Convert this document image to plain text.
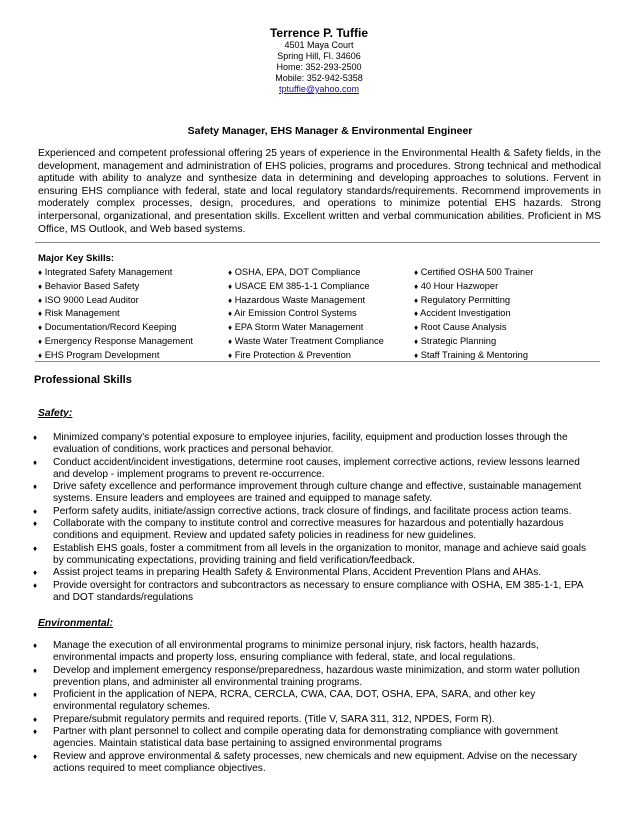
Terrence P. Tuffie
4501 Maya Court
Spring Hill, Fl. 34606
Home: 352-293-2500
Mobile: 352-942-5358
tptuffie@yahoo.com
Safety Manager, EHS Manager & Environmental Engineer
Experienced and competent professional offering 25 years of experience in the Environmental Health & Safety fields, in the development, management and administration of EHS policies, programs and procedures. Strong technical and methodical aptitude with ability to analyze and synthesize data in determining and developing approaches to solutions. Fervent in ensuring EHS compliance with federal, state and local regulatory standards/requirements. Recommend improvements in moderately complex processes, design, procedures, and operations to minimize potential EHS hazards. Strong interpersonal, organizational, and presentation skills. Excellent written and verbal communication abilities. Proficient in MS Office, MS Outlook, and Web based systems.
Major Key Skills:
♦ Integrated Safety Management
♦ Behavior Based Safety
♦ ISO 9000 Lead Auditor
♦ Risk Management
♦ Documentation/Record Keeping
♦ Emergency Response Management
♦ EHS Program Development
♦ OSHA, EPA, DOT Compliance
♦ USACE EM 385-1-1 Compliance
♦ Hazardous Waste Management
♦ Air Emission Control Systems
♦ EPA Storm Water Management
♦ Waste Water Treatment Compliance
♦ Fire Protection & Prevention
♦ Certified OSHA 500 Trainer
♦ 40 Hour Hazwoper
♦ Regulatory Permitting
♦ Accident Investigation
♦ Root Cause Analysis
♦ Strategic Planning
♦ Staff Training & Mentoring
Professional Skills
Safety:
♦ Minimized company's potential exposure to employee injuries, facility, equipment and production losses through the evaluation of conditions, work practices and personal behavior.
♦ Conduct accident/incident investigations, determine root causes, implement corrective actions, review lessons learned and develop - implement programs to prevent re-occurrence.
♦ Drive safety excellence and performance improvement through culture change and effective, sustainable management systems. Ensure leaders and employees are trained and equipped to manage safety.
♦ Perform safety audits, initiate/assign corrective actions, track closure of findings, and facilitate process action teams.
♦ Collaborate with the company to institute control and corrective measures for hazardous and potentially hazardous conditions and equipment. Review and updated safety policies in readiness for new guidelines.
♦ Establish EHS goals, foster a commitment from all levels in the organization to monitor, manage and achieve said goals by communicating expectations, providing training and field verification/feedback.
♦ Assist project teams in preparing Health Safety & Environmental Plans, Accident Prevention Plans and AHAs.
♦ Provide oversight for contractors and subcontractors as necessary to ensure compliance with OSHA, EM 385-1-1, EPA and DOT standards/regulations
Environmental:
♦ Manage the execution of all environmental programs to minimize personal injury, risk factors, health hazards, environmental impacts and property loss, ensuring compliance with federal, state, and local regulations.
♦ Develop and implement emergency response/preparedness, hazardous waste minimization, and storm water pollution prevention plans, and administer all environmental training programs.
♦ Proficient in the application of NEPA, RCRA, CERCLA, CWA, CAA, DOT, OSHA, EPA, SARA, and other key environmental regulatory schemes.
♦ Prepare/submit regulatory permits and required reports. (Title V, SARA 311, 312, NPDES, Form R).
♦ Partner with plant personnel to collect and compile operating data for demonstrating compliance with government agencies. Maintain statistical data base pertaining to assigned environmental programs
♦ Review and approve environmental & safety processes, new chemicals and new equipment. Advise on the necessary actions required to meet compliance objectives.
